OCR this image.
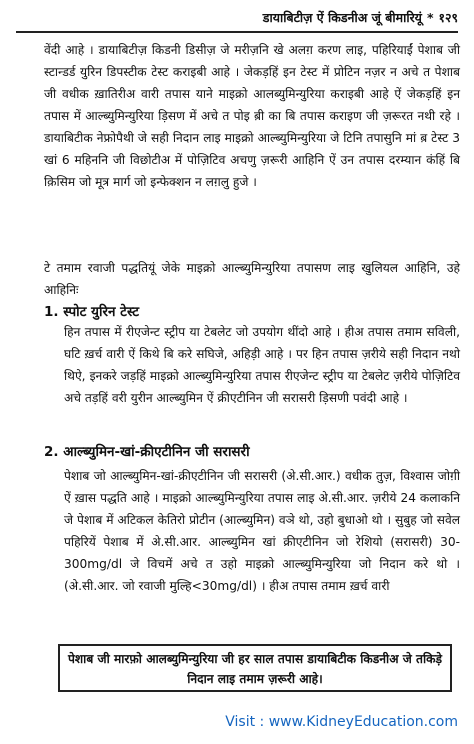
डायाबिटीज़ ऐं किडनीअ जूं बीमारियूं * १२९
वेंदी आहे । डायाबिटीज़ किडनी डिसीज़ जे मरीज़नि खे अलग़ करण लाइ, पहिरियाईं पेशाब जी स्टान्डर्ड युरिन डिपस्टीक टेस्ट कराइबी आहे । जेकड़हिं इन टेस्ट में प्रोटिन नज़र न अचे त पेशाब जी वधीक ख़ातिरीअ वारी तपास याने माइक्रो आलब्युमिन्युरिया कराइबी आहे ऐं जेकड़हिं इन तपास में आल्ब्युमिन्युरिया ड़िसण में अचे त पोइ ब़ी का बि तपास कराइण जी ज़रूरत नथी रहे । डायाबिटीक नेफ्रोपैथी जे सही निदान लाइ माइक्रो आल्ब्युमिन्युरिया जे टिनि तपासुनि मां ब़ टेस्ट 3 खां 6 महिननि जी विछोटीअ में पोज़िटिव अचणु ज़रूरी आहिनि ऐं उन तपास दरम्यान कंहिं बि क़िसिम जो मूत्र मार्ग जो इन्फेक्शन न लग़लु हुजे ।
टे तमाम रवाजी पद्धतियूं जेके माइक्रो आल्ब्युमिन्युरिया तपासण लाइ खुलियल आहिनि, उहे आहिनिः
1. स्पोट युरिन टेस्ट
हिन तपास में रीएजेन्ट स्ट्रीप या टेबलेट जो उपयोग थींदो आहे । हीअ तपास तमाम सविली, घटि ख़र्च वारी ऐं किथे बि करे सघिजे, अहिड़ी आहे । पर हिन तपास ज़रीये सही निदान नथो थिऐ, इनकरे जड़हिं माइक्रो आल्ब्युमिन्युरिया तपास रीएजेन्ट स्ट्रीप या टेबलेट ज़रीये पोज़िटिव अचे तड़हिं वरी युरीन आल्ब्युमिन ऐं क्रीएटीनिन जी सरासरी ड़िसणी पवंदी आहे ।
2. आल्ब्युमिन-खां-क्रीएटीनिन जी सरासरी
पेशाब जो आल्ब्युमिन-खां-क्रीएटीनिन जी सरासरी (अे.सी.आर.) वधीक तुज़, विश्वास जोग़ी ऐं ख़ास पद्धति आहे । माइक्रो आल्ब्युमिन्युरिया तपास लाइ अे.सी.आर. ज़रीये 24 कलाकनि जे पेशाब में अटिकल केतिरो प्रोटीन (आल्ब्युमिन) वञे थो, उहो बुधाओ थो । सुबुह जो सवेल पहिरियें पेशाब में अे.सी.आर. आल्ब्युमिन खां क्रीएटीनिन जो रेशियो (सरासरी) 30-300mg/dl जे विचमें अचे त उहो माइक्रो आल्ब्युमिन्युरिया जो निदान करे थो । (अे.सी.आर. जो रवाजी मुल्हि<30mg/dl) । हीअ तपास तमाम ख़र्च वारी
पेशाब जी मारफ़ो आलब्युमिन्युरिया जी हर साल तपास डायाबिटीक किडनीअ जे तकिड़े निदान लाइ तमाम ज़रूरी आहे।
Visit : www.KidneyEducation.com
